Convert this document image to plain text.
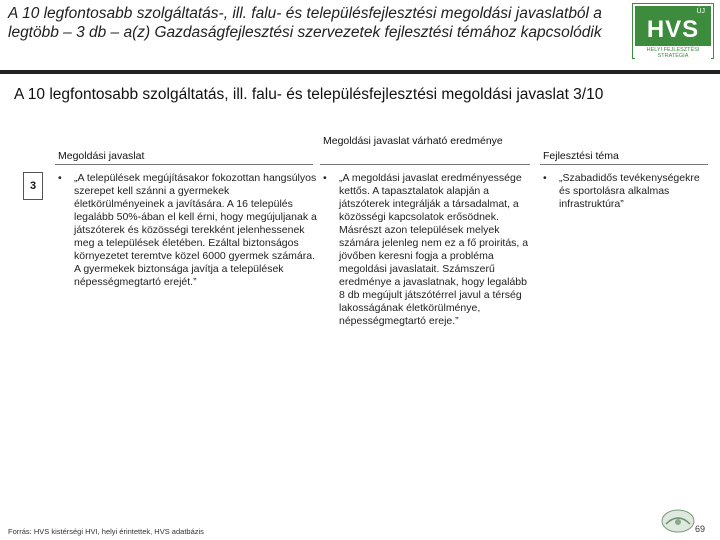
A 10 legfontosabb szolgáltatás-, ill. falu- és településfejlesztési megoldási javaslatból a legtöbb – 3 db – a(z) Gazdaságfejlesztési szervezetek fejlesztési témához kapcsolódik
ÚJ
HVS
HELYI FEJLESZTÉSI STRATÉGIA
A 10 legfontosabb szolgáltatás, ill. falu- és településfejlesztési megoldási javaslat 3/10
Megoldási javaslat
Megoldási javaslat várható eredménye
Fejlesztési téma
3
• „A települések megújításakor fokozottan hangsúlyos szerepet kell szánni a gyermekek életkörülményeinek a javítására. A 16 település legalább 50%-ában el kell érni, hogy megújuljanak a játszóterek és közösségi terekként jelenhessenek meg a települések életében. Ezáltal biztonságos környezetet teremtve közel 6000 gyermek számára. A gyermekek biztonsága javítja a települések népességmegtartó erejét.”
• „A megoldási javaslat eredményessége kettős. A tapasztalatok alapján a játszóterek integrálják a társadalmat, a közösségi kapcsolatok erősödnek. Másrészt azon települések melyek számára jelenleg nem ez a fő proiritás, a jövőben keresni fogja a probléma megoldási javaslatait. Számszerű eredménye a javaslatnak, hogy legalább 8 db megújult játszótérrel javul a térség lakosságának életkörülménye, népességmegtartó ereje.”
• „Szabadidős tevékenységekre és sportolásra alkalmas infrastruktúra”
Forrás: HVS kistérségi HVI, helyi érintettek, HVS adatbázis	69
